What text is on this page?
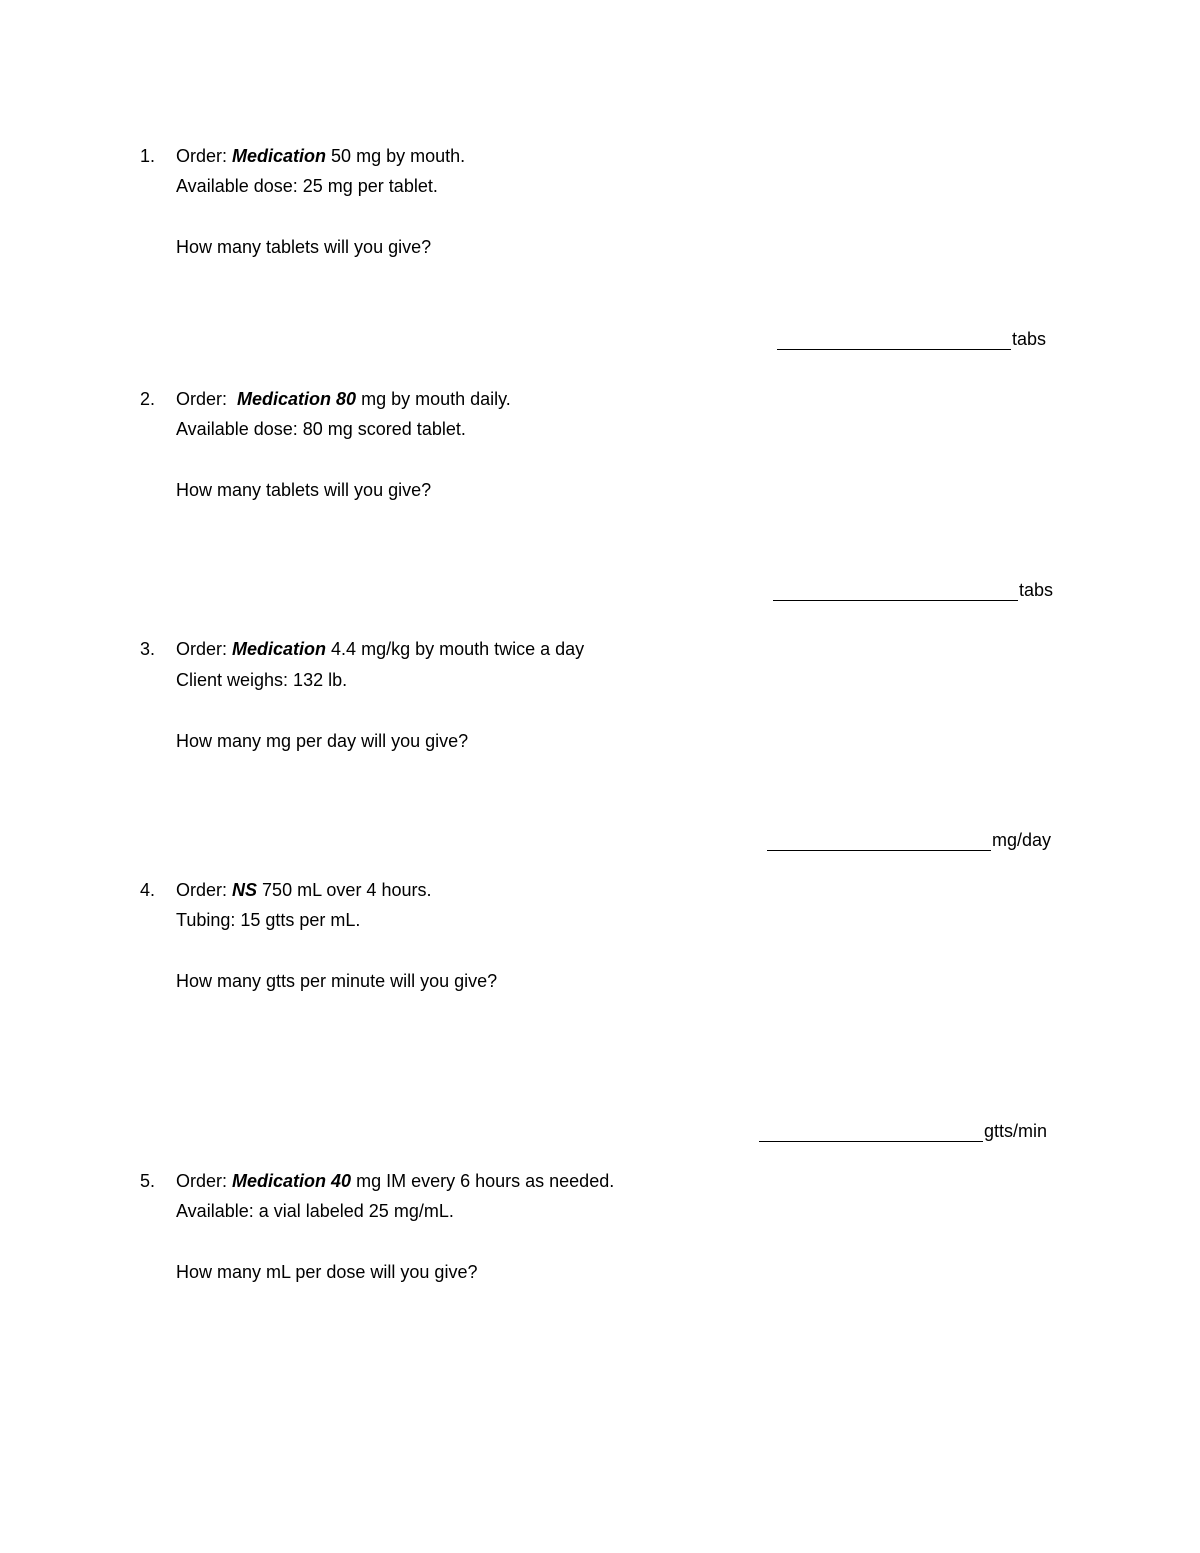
1. Order: Medication 50 mg by mouth.
Available dose: 25 mg per tablet.
How many tablets will you give?
tabs
2. Order: Medication 80 mg by mouth daily.
Available dose: 80 mg scored tablet.
How many tablets will you give?
tabs
3. Order: Medication 4.4 mg/kg by mouth twice a day
Client weighs: 132 lb.
How many mg per day will you give?
mg/day
4. Order: NS 750 mL over 4 hours.
Tubing: 15 gtts per mL.
How many gtts per minute will you give?
gtts/min
5. Order: Medication 40 mg IM every 6 hours as needed.
Available: a vial labeled 25 mg/mL.
How many mL per dose will you give?
